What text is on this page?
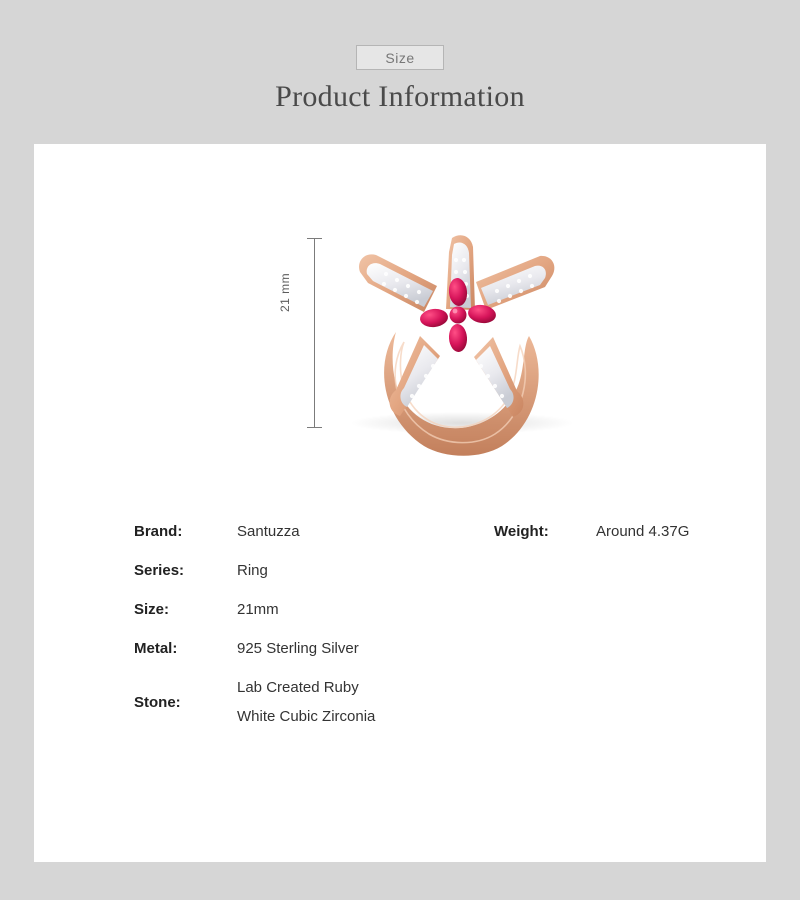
Size
Product Information
21 mm
Brand:	Santuzza	Weight:	Around 4.37G
Series:	Ring
Size:	21mm
Metal:	925 Sterling Silver
Stone:
Lab Created Ruby
White Cubic Zirconia
